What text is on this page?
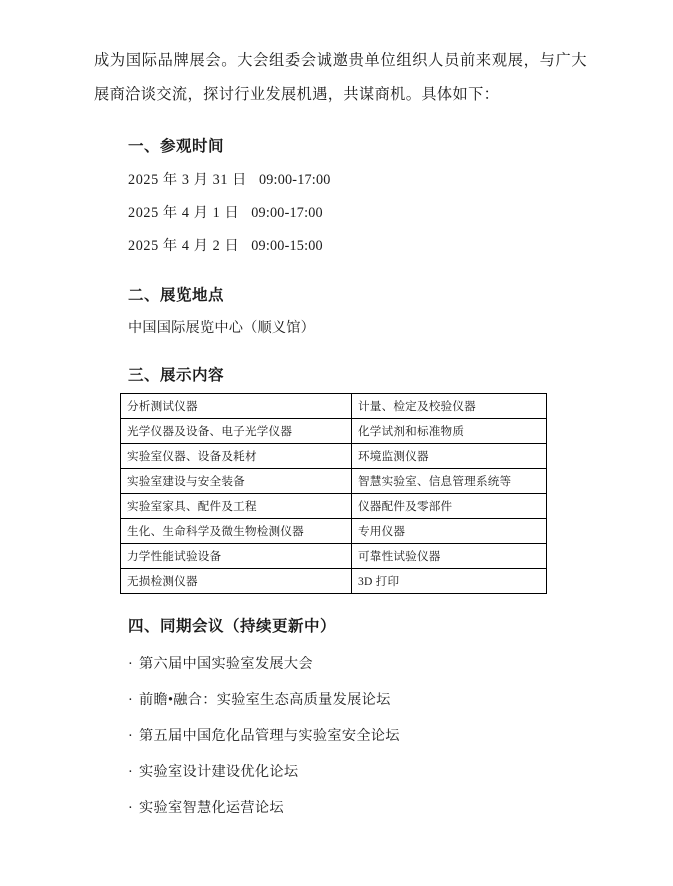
成为国际品牌展会。大会组委会诚邀贵单位组织人员前来观展，与广大展商洽谈交流，探讨行业发展机遇，共谋商机。具体如下：

一、参观时间
2025 年 3 月 31 日 09:00-17:00
2025 年 4 月 1 日 09:00-17:00
2025 年 4 月 2 日 09:00-15:00
二、展览地点
中国国际展览中心（顺义馆）
三、展示内容
分析测试仪器	计量、检定及校验仪器
光学仪器及设备、电子光学仪器	化学试剂和标准物质
实验室仪器、设备及耗材	环境监测仪器
实验室建设与安全装备	智慧实验室、信息管理系统等
实验室家具、配件及工程	仪器配件及零部件
生化、生命科学及微生物检测仪器	专用仪器
力学性能试验设备	可靠性试验仪器
无损检测仪器	3D 打印
四、同期会议（持续更新中）
· 第六届中国实验室发展大会
· 前瞻•融合：实验室生态高质量发展论坛
· 第五届中国危化品管理与实验室安全论坛
· 实验室设计建设优化论坛
· 实验室智慧化运营论坛
